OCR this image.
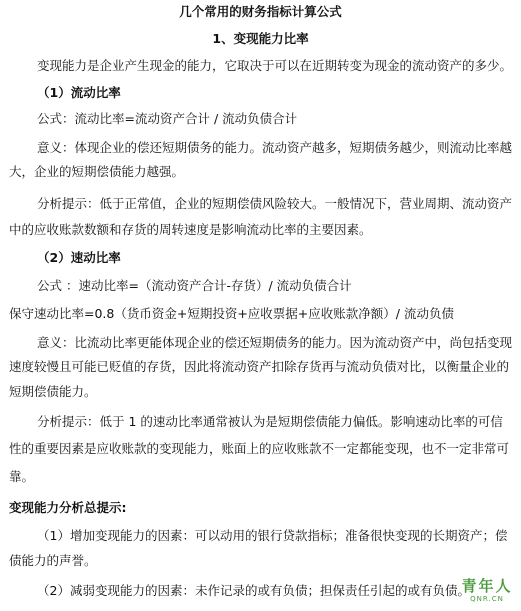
几个常用的财务指标计算公式
1、变现能力比率
变现能力是企业产生现金的能力，它取决于可以在近期转变为现金的流动资产的多少。
（1）流动比率
公式：流动比率=流动资产合计 / 流动负债合计
意义：体现企业的偿还短期债务的能力。流动资产越多，短期债务越少，则流动比率越
大，企业的短期偿债能力越强。
分析提示：低于正常值，企业的短期偿债风险较大。一般情况下，营业周期、流动资产
中的应收账款数额和存货的周转速度是影响流动比率的主要因素。
（2）速动比率
公式 ：速动比率=（流动资产合计-存货）/ 流动负债合计
保守速动比率=0.8（货币资金+短期投资+应收票据+应收账款净额）/ 流动负债
意义：比流动比率更能体现企业的偿还短期债务的能力。因为流动资产中，尚包括变现
速度较慢且可能已贬值的存货，因此将流动资产扣除存货再与流动负债对比，以衡量企业的
短期偿债能力。
分析提示：低于 1 的速动比率通常被认为是短期偿债能力偏低。影响速动比率的可信
性的重要因素是应收账款的变现能力，账面上的应收账款不一定都能变现，也不一定非常可
靠。
变现能力分析总提示:
（1）增加变现能力的因素：可以动用的银行贷款指标；准备很快变现的长期资产；偿
债能力的声誉。
（2）减弱变现能力的因素：未作记录的或有负债；担保责任引起的或有负债。
青年人
QNR.CN
